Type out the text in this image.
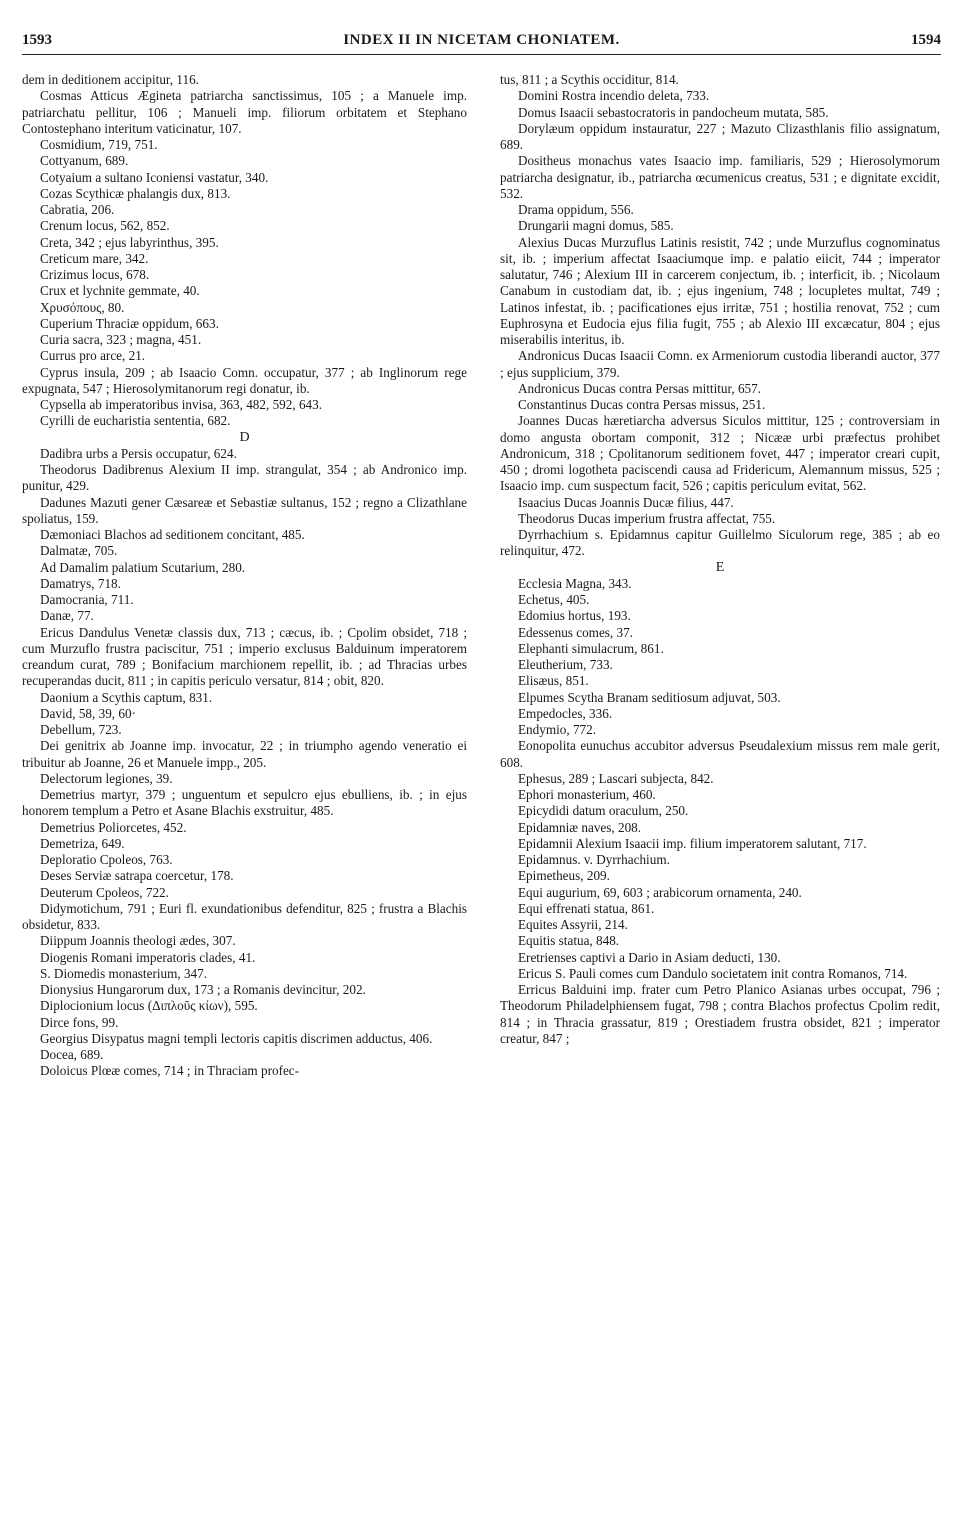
1593	INDEX II IN NICETAM CHONIATEM.	1594

dem in deditionem accipitur, 116.

Cosmas Atticus Æginetа patriarcha sanctissimus, 105 ; a Manuele imp. patriarchatu pellitur, 106 ; Manueli imp. filiorum orbitatem et Stephano Contostephano interitum vaticinatur, 107.

Cosmidium, 719, 751.

Cottyanum, 689.

Cotyaium a sultano Iconiensi vastatur, 340.

Cozas Scythicæ phalangis dux, 813.

Cabratia, 206.

Crenum locus, 562, 852.

Creta, 342 ; ejus labyrinthus, 395.

Creticum mare, 342.

Crizimus locus, 678.

Crux et lychnite gemmate, 40.

Χρυσόπους, 80.

Cuperium Thraciæ oppidum, 663.

Curia sacra, 323 ; magna, 451.

Currus pro arce, 21.

Cyprus insula, 209 ; ab Isaacio Comn. occupatur, 377 ; ab Inglinorum rege expugnata, 547 ; Hierosolymitanorum regi donatur, ib.

Cypsella ab imperatoribus invisa, 363, 482, 592, 643.

Cyrilli de eucharistia sententia, 682.

D

Dadibra urbs a Persis occupatur, 624.

Theodorus Dadibrenus Alexium II imp. strangulat, 354 ; ab Andronico imp. punitur, 429.

Dadunes Mazuti gener Cæsareæ et Sebastiæ sultanus, 152 ; regno a Clizathlane spoliatus, 159.

Dæmoniaci Blachos ad seditionem concitant, 485.

Dalmatæ, 705.

Ad Damalim palatium Scutarium, 280.

Damatrys, 718.

Damocrania, 711.

Danæ, 77.

Ericus Dandulus Venetæ classis dux, 713 ; cæcus, ib. ; Cpolim obsidet, 718 ; cum Murzuflo frustra paciscitur, 751 ; imperio exclusus Balduinum imperatorem creandum curat, 789 ; Bonifacium marchionem repellit, ib. ; ad Thracias urbes recuperandas ducit, 811 ; in capitis periculo versatur, 814 ; obit, 820.

Daonium a Scythis captum, 831.

David, 58, 39, 60·

Debellum, 723.

Dei genitrix ab Joanne imp. invocatur, 22 ; in triumpho agendo veneratio ei tribuitur ab Joanne, 26 et Manuele impp., 205.

Delectorum legiones, 39.

Demetrius martyr, 379 ; unguentum et sepulcro ejus ebulliens, ib. ; in ejus honorem templum a Petro et Asane Blachis exstruitur, 485.

Demetrius Poliorcetes, 452.

Demetriza, 649.

Deploratio Cpoleos, 763.

Deses Serviæ satrapa coercetur, 178.

Deuterum Cpoleos, 722.

Didymotichum, 791 ; Euri fl. exundationibus defenditur, 825 ; frustra a Blachis obsidetur, 833.

Diippum Joannis theologi ædes, 307.

Diogenis Romani imperatoris clades, 41.

S. Diomedis monasterium, 347.

Dionysius Hungarorum dux, 173 ; a Romanis devincitur, 202.

Diplocionium locus (Διπλοῦς κίων), 595.

Dirce fons, 99.

Georgius Disypatus magni templi lectoris capitis discrimen adductus, 406.

Docea, 689.

Doloicus Plœæ comes, 714 ; in Thraciam profec-

tus, 811 ; a Scythis occiditur, 814.

Domini Rostra incendio deleta, 733.

Domus Isaacii sebastocratoris in pandocheum mutata, 585.

Dorylæum oppidum instauratur, 227 ; Mazuto Clizasthlanis filio assignatum, 689.

Dositheus monachus vates Isaacio imp. familiaris, 529 ; Hierosolymorum patriarcha designatur, ib., patriarcha œcumenicus creatus, 531 ; e dignitate excidit, 532.

Drama oppidum, 556.

Drungarii magni domus, 585.

Alexius Ducas Murzuflus Latinis resistit, 742 ; unde Murzuflus cognominatus sit, ib. ; imperium affectat Isaaciumque imp. e palatio eiicit, 744 ; imperator salutatur, 746 ; Alexium III in carcerem conjectum, ib. ; interficit, ib. ; Nicolaum Canabum in custodiam dat, ib. ; ejus ingenium, 748 ; locupletes multat, 749 ; Latinos infestat, ib. ; pacificationes ejus irritæ, 751 ; hostilia renovat, 752 ; cum Euphrosyna et Eudocia ejus filia fugit, 755 ; ab Alexio III excæcatur, 804 ; ejus miserabilis interitus, ib.

Andronicus Ducas Isaacii Comn. ex Armeniorum custodia liberandi auctor, 377 ; ejus supplicium, 379.

Andronicus Ducas contra Persas mittitur, 657.

Constantinus Ducas contra Persas missus, 251.

Joannes Ducas hæretiarcha adversus Siculos mittitur, 125 ; controversiam in domo angusta obortam componit, 312 ; Nicææ urbi præfectus prohibet Andronicum, 318 ; Cpolitanorum seditionem fovet, 447 ; imperator creari cupit, 450 ; dromi logotheta paciscendi causa ad Fridericum, Alemannum missus, 525 ; Isaacio imp. cum suspectum facit, 526 ; capitis periculum evitat, 562.

Isaacius Ducas Joannis Ducæ filius, 447.

Theodorus Ducas imperium frustra affectat, 755.

Dyrrhachium s. Epidamnus capitur Guillelmo Siculorum rege, 385 ; ab eo relinquitur, 472.

E

Ecclesia Magna, 343.

Echetus, 405.

Edomius hortus, 193.

Edessenus comes, 37.

Elephanti simulacrum, 861.

Eleutherium, 733.

Elisæus, 851.

Elpumes Scytha Branam seditiosum adjuvat, 503.

Empedocles, 336.

Endymio, 772.

Eonopolita eunuchus accubitor adversus Pseudalexium missus rem male gerit, 608.

Ephesus, 289 ; Lascari subjecta, 842.

Ephori monasterium, 460.

Epicydidi datum oraculum, 250.

Epidamniæ naves, 208.

Epidamnii Alexium Isaacii imp. filium imperatorem salutant, 717.

Epidamnus. v. Dyrrhachium.

Epimetheus, 209.

Equi augurium, 69, 603 ; arabicorum ornamenta, 240.

Equi effrenati statua, 861.

Equites Assyrii, 214.

Equitis statua, 848.

Eretrienses captivi a Dario in Asiam deducti, 130.

Ericus S. Pauli comes cum Dandulo societatem init contra Romanos, 714.

Erricus Balduini imp. frater cum Petro Planico Asianas urbes occupat, 796 ; Theodorum Philadelphiensem fugat, 798 ; contra Blachos profectus Cpolim redit, 814 ; in Thracia grassatur, 819 ; Orestiadem frustra obsidet, 821 ; imperator creatur, 847 ;
